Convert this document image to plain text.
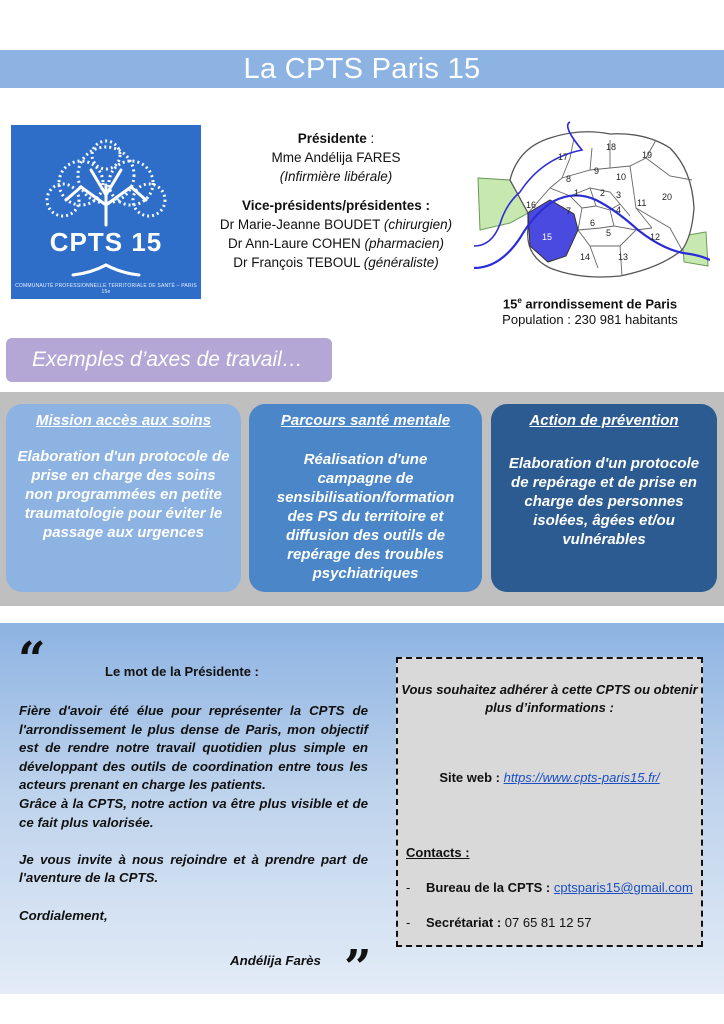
La CPTS Paris 15
CPTS 15
COMMUNAUTÉ PROFESSIONNELLE TERRITORIALE DE SANTÉ – PARIS 15e
Présidente :
Mme Andélija FARES
(Infirmière libérale)
Vice-présidents/présidentes :
Dr Marie-Jeanne BOUDET (chirurgien)
Dr Ann-Laure COHEN (pharmacien)
Dr François TEBOUL (généraliste)
17
18
19
8
9
10
20
16
2
1	3
11
7	4
6
5	12
14	13
15
15e arrondissement de Paris
Population : 230 981 habitants
Exemples d’axes de travail…
Mission accès aux soins
Elaboration d'un protocole de prise en charge des soins non programmées en petite traumatologie pour éviter le passage aux urgences
Parcours santé mentale
Réalisation d'une campagne de sensibilisation/formation des PS du territoire et diffusion des outils de repérage des troubles psychiatriques
Action de prévention
Elaboration d'un protocole de repérage et de prise en charge des personnes isolées, âgées et/ou vulnérables
“	Le mot de la Présidente :

Fière d'avoir été élue pour représenter la CPTS de l'arrondissement le plus dense de Paris, mon objectif est de rendre notre travail quotidien plus simple en développant des outils de coordination entre tous les acteurs prenant en charge les patients.

Grâce à la CPTS, notre action va être plus visible et de ce fait plus valorisée.

Je vous invite à nous rejoindre et à prendre part de l'aventure de la CPTS.

Cordialement,

Andélija Farès ”
Vous souhaitez adhérer à cette CPTS ou obtenir plus d’informations :
Site web : https://www.cpts-paris15.fr/
Contacts :
- Bureau de la CPTS : cptsparis15@gmail.com
- Secrétariat : 07 65 81 12 57
